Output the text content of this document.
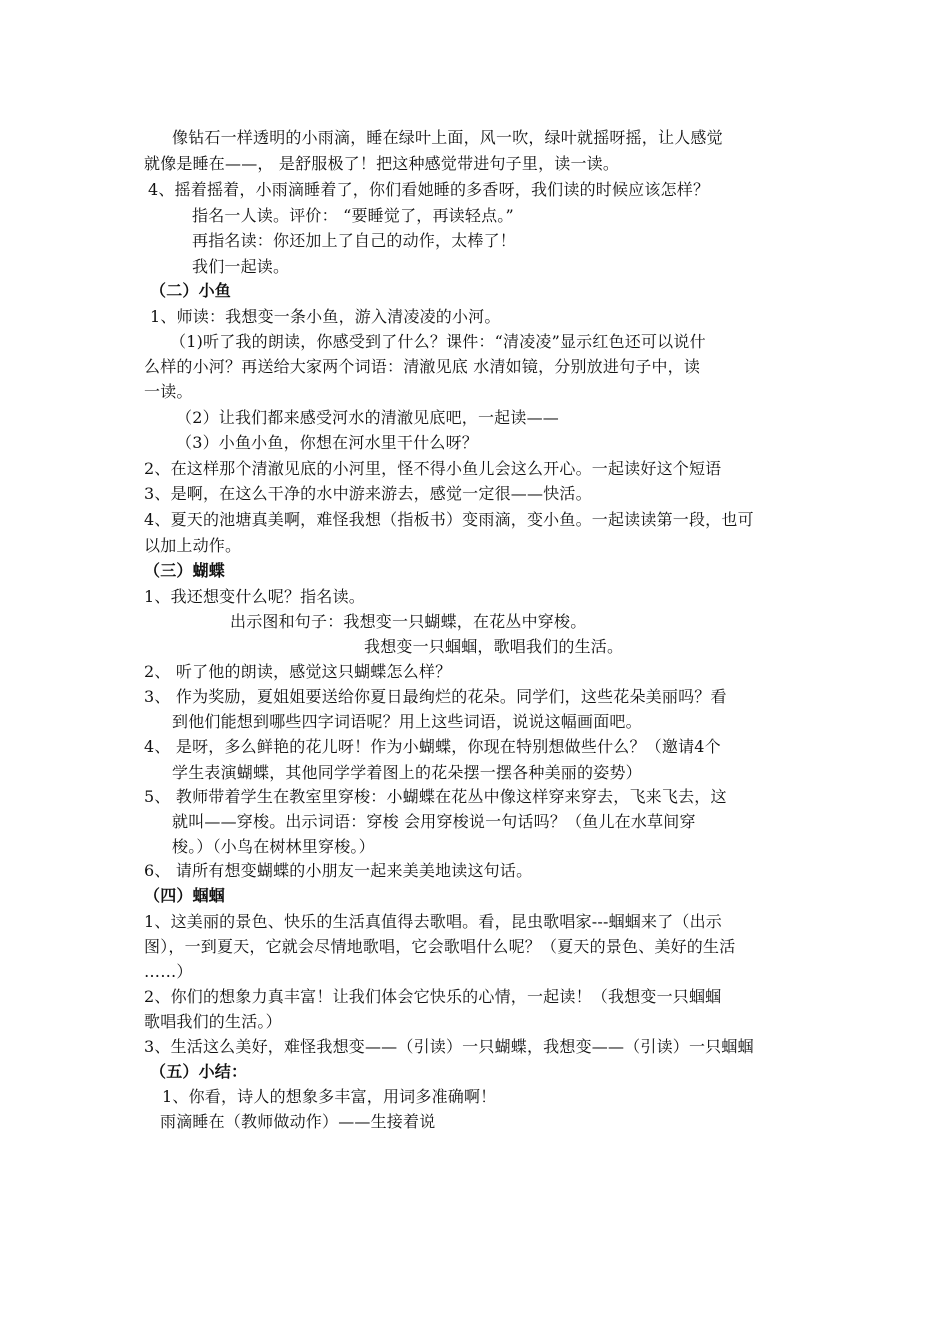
像钻石一样透明的小雨滴，睡在绿叶上面，风一吹，绿叶就摇呀摇，让人感觉
就像是睡在——， 是舒服极了！把这种感觉带进句子里，读一读。
4、摇着摇着，小雨滴睡着了，你们看她睡的多香呀，我们读的时候应该怎样？
指名一人读。评价： “要睡觉了，再读轻点。”
再指名读：你还加上了自己的动作，太棒了！
我们一起读。
（二）小鱼
1、师读：我想变一条小鱼，游入清凌凌的小河。
（1)听了我的朗读，你感受到了什么？课件：“清凌凌”显示红色还可以说什
么样的小河？再送给大家两个词语：清澈见底 水清如镜，分别放进句子中，读
一读。
（2）让我们都来感受河水的清澈见底吧，一起读——
（3）小鱼小鱼，你想在河水里干什么呀？
2、在这样那个清澈见底的小河里，怪不得小鱼儿会这么开心。一起读好这个短语
3、是啊，在这么干净的水中游来游去，感觉一定很——快活。
4、夏天的池塘真美啊，难怪我想（指板书）变雨滴，变小鱼。一起读读第一段，也可
以加上动作。
（三）蝴蝶
1、我还想变什么呢？指名读。
出示图和句子：我想变一只蝴蝶，在花丛中穿梭。
我想变一只蝈蝈，歌唱我们的生活。
2、 听了他的朗读，感觉这只蝴蝶怎么样？
3、 作为奖励，夏姐姐要送给你夏日最绚烂的花朵。同学们，这些花朵美丽吗？看
到他们能想到哪些四字词语呢？用上这些词语，说说这幅画面吧。
4、 是呀，多么鲜艳的花儿呀！作为小蝴蝶，你现在特别想做些什么？（邀请4个
学生表演蝴蝶，其他同学学着图上的花朵摆一摆各种美丽的姿势）
5、 教师带着学生在教室里穿梭：小蝴蝶在花丛中像这样穿来穿去，飞来飞去，这
就叫——穿梭。出示词语：穿梭 会用穿梭说一句话吗？（鱼儿在水草间穿
梭。）（小鸟在树林里穿梭。）
6、 请所有想变蝴蝶的小朋友一起来美美地读这句话。
（四）蝈蝈
1、这美丽的景色、快乐的生活真值得去歌唱。看，昆虫歌唱家---蝈蝈来了（出示
图），一到夏天，它就会尽情地歌唱，它会歌唱什么呢？（夏天的景色、美好的生活
……）
2、你们的想象力真丰富！让我们体会它快乐的心情，一起读！（我想变一只蝈蝈
歌唱我们的生活。）
3、生活这么美好，难怪我想变——（引读）一只蝴蝶，我想变——（引读）一只蝈蝈
（五）小结：
1、你看，诗人的想象多丰富，用词多准确啊！
雨滴睡在（教师做动作）——生接着说
